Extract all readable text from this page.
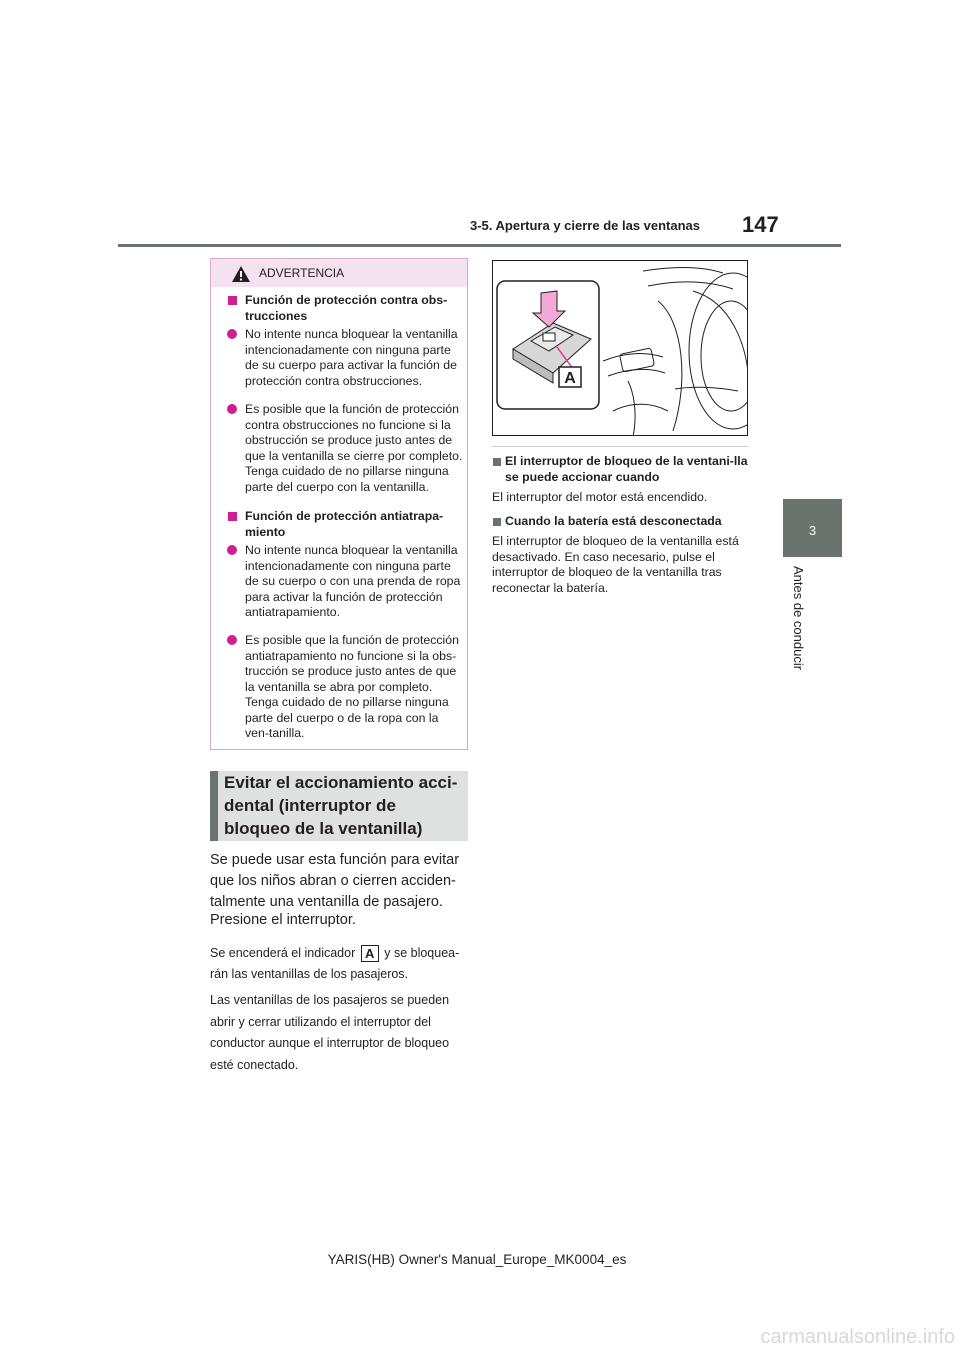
3-5. Apertura y cierre de las ventanas 147
3
Antes de conducir
ADVERTENCIA
Función de protección contra obs-trucciones
No intente nunca bloquear la ventanilla intencionadamente con ninguna parte de su cuerpo para activar la función de protección contra obstrucciones.
Es posible que la función de protección contra obstrucciones no funcione si la obstrucción se produce justo antes de que la ventanilla se cierre por completo. Tenga cuidado de no pillarse ninguna parte del cuerpo con la ventanilla.
Función de protección antiatrapa-miento
No intente nunca bloquear la ventanilla intencionadamente con ninguna parte de su cuerpo o con una prenda de ropa para activar la función de protección antiatrapamiento.
Es posible que la función de protección antiatrapamiento no funcione si la obs-trucción se produce justo antes de que la ventanilla se abra por completo. Tenga cuidado de no pillarse ninguna parte del cuerpo o de la ropa con la ven-tanilla.
Evitar el accionamiento acci-dental (interruptor de bloqueo de la ventanilla)
Se puede usar esta función para evitar que los niños abran o cierren acciden-talmente una ventanilla de pasajero.
Presione el interruptor.
Se encenderá el indicador A y se bloquea-rán las ventanillas de los pasajeros.
Las ventanillas de los pasajeros se pueden abrir y cerrar utilizando el interruptor del conductor aunque el interruptor de bloqueo esté conectado.
A
El interruptor de bloqueo de la ventani-lla se puede accionar cuando
El interruptor del motor está encendido.
Cuando la batería está desconectada
El interruptor de bloqueo de la ventanilla está desactivado. En caso necesario, pulse el interruptor de bloqueo de la ventanilla tras reconectar la batería.
YARIS(HB) Owner's Manual_Europe_MK0004_es
carmanualsonline.info
